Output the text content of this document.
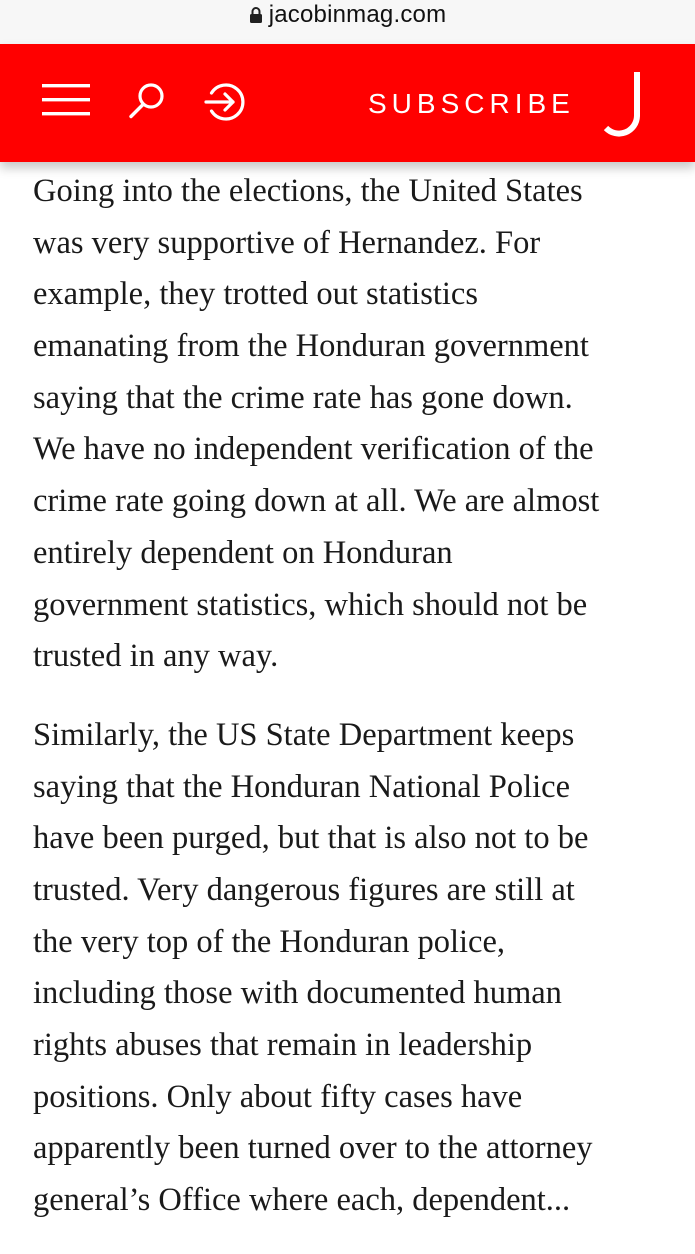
jacobinmag.com
SUBSCRIBE

Going into the elections, the United States
was very supportive of Hernandez. For
example, they trotted out statistics
emanating from the Honduran government
saying that the crime rate has gone down.
We have no independent verification of the
crime rate going down at all. We are almost
entirely dependent on Honduran
government statistics, which should not be
trusted in any way.

Similarly, the US State Department keeps
saying that the Honduran National Police
have been purged, but that is also not to be
trusted. Very dangerous figures are still at
the very top of the Honduran police,
including those with documented human
rights abuses that remain in leadership
positions. Only about fifty cases have
apparently been turned over to the attorney
general’s Office where each, dependent...
